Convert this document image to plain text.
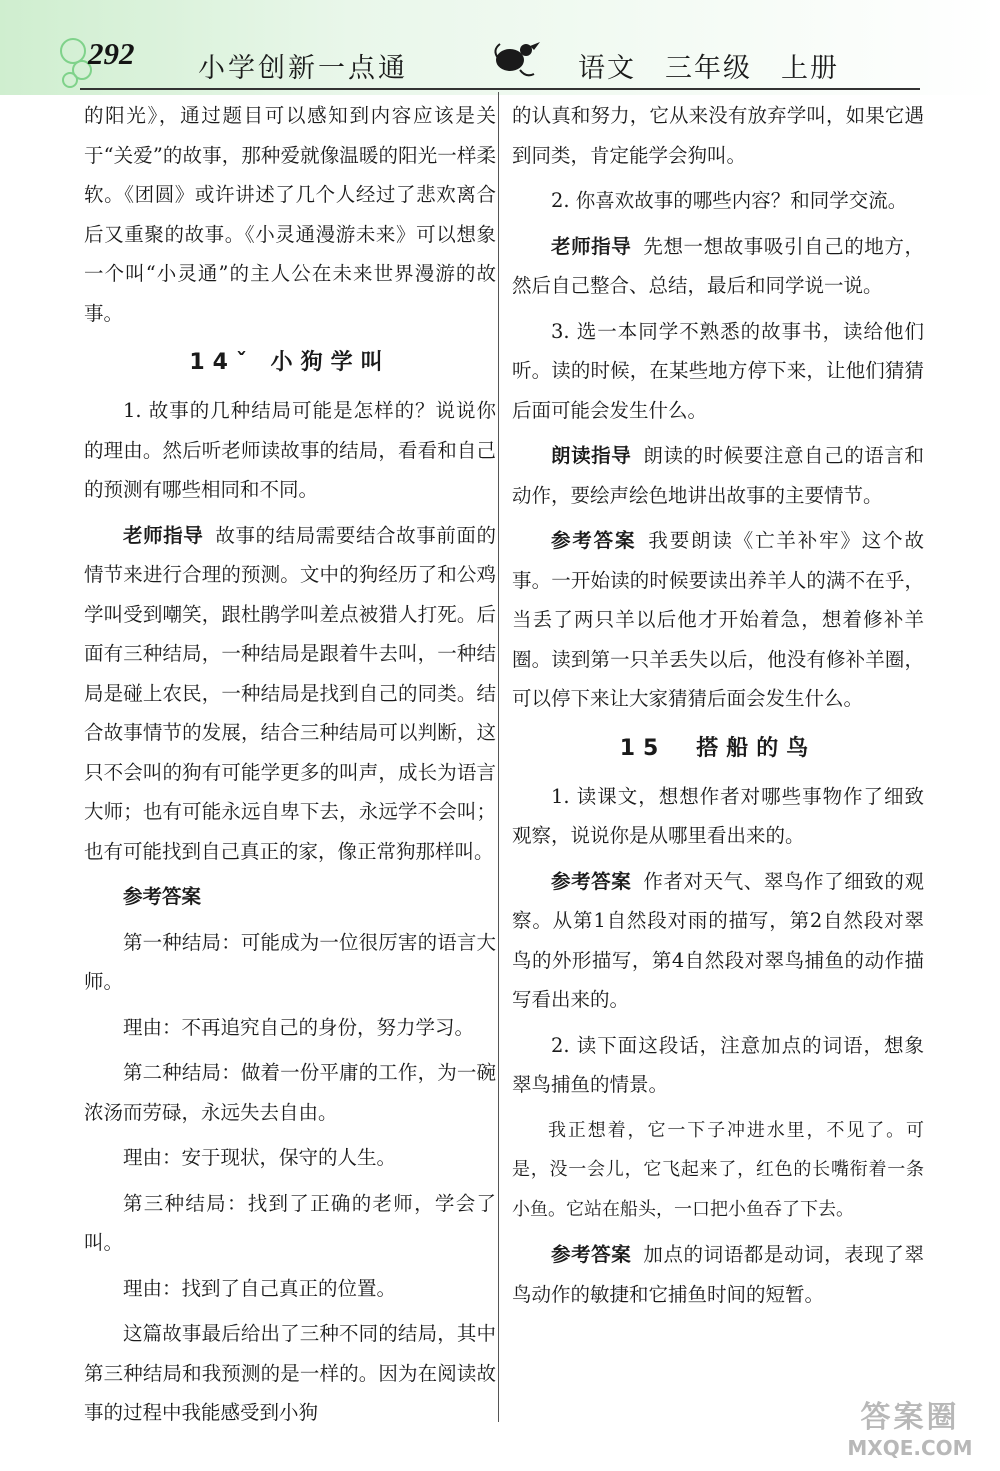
292 小学创新一点通	语文　三年级　上册

的阳光》，通过题目可以感知到内容应该是关于“关爱”的故事，那种爱就像温暖的阳光一样柔软。《团圆》或许讲述了几个人经过了悲欢离合后又重聚的故事。《小灵通漫游未来》可以想象一个叫“小灵通”的主人公在未来世界漫游的故事。

14ˇ 小狗学叫

1. 故事的几种结局可能是怎样的？说说你的理由。然后听老师读故事的结局，看看和自己的预测有哪些相同和不同。

老师指导 故事的结局需要结合故事前面的情节来进行合理的预测。文中的狗经历了和公鸡学叫受到嘲笑，跟杜鹃学叫差点被猎人打死。后面有三种结局，一种结局是跟着牛去叫，一种结局是碰上农民，一种结局是找到自己的同类。结合故事情节的发展，结合三种结局可以判断，这只不会叫的狗有可能学更多的叫声，成长为语言大师；也有可能永远自卑下去，永远学不会叫；也有可能找到自己真正的家，像正常狗那样叫。

参考答案

第一种结局：可能成为一位很厉害的语言大师。

理由：不再追究自己的身份，努力学习。

第二种结局：做着一份平庸的工作，为一碗浓汤而劳碌，永远失去自由。

理由：安于现状，保守的人生。

第三种结局：找到了正确的老师，学会了叫。

理由：找到了自己真正的位置。

这篇故事最后给出了三种不同的结局，其中第三种结局和我预测的是一样的。因为在阅读故事的过程中我能感受到小狗

的认真和努力，它从来没有放弃学叫，如果它遇到同类，肯定能学会狗叫。

2. 你喜欢故事的哪些内容？和同学交流。

老师指导 先想一想故事吸引自己的地方，然后自己整合、总结，最后和同学说一说。

3. 选一本同学不熟悉的故事书，读给他们听。读的时候，在某些地方停下来，让他们猜猜后面可能会发生什么。

朗读指导 朗读的时候要注意自己的语言和动作，要绘声绘色地讲出故事的主要情节。

参考答案 我要朗读《亡羊补牢》这个故事。一开始读的时候要读出养羊人的满不在乎，当丢了两只羊以后他才开始着急，想着修补羊圈。读到第一只羊丢失以后，他没有修补羊圈，可以停下来让大家猜猜后面会发生什么。

15　搭船的鸟

1. 读课文，想想作者对哪些事物作了细致观察，说说你是从哪里看出来的。

参考答案 作者对天气、翠鸟作了细致的观察。从第1自然段对雨的描写，第2自然段对翠鸟的外形描写，第4自然段对翠鸟捕鱼的动作描写看出来的。

2. 读下面这段话，注意加点的词语，想象翠鸟捕鱼的情景。

我正想着，它一下子冲进水里，不见了。可是，没一会儿，它飞起来了，红色的长嘴衔着一条小鱼。它站在船头，一口把小鱼吞了下去。

参考答案 加点的词语都是动词，表现了翠鸟动作的敏捷和它捕鱼时间的短暂。

答案圈
MXQE.COM
